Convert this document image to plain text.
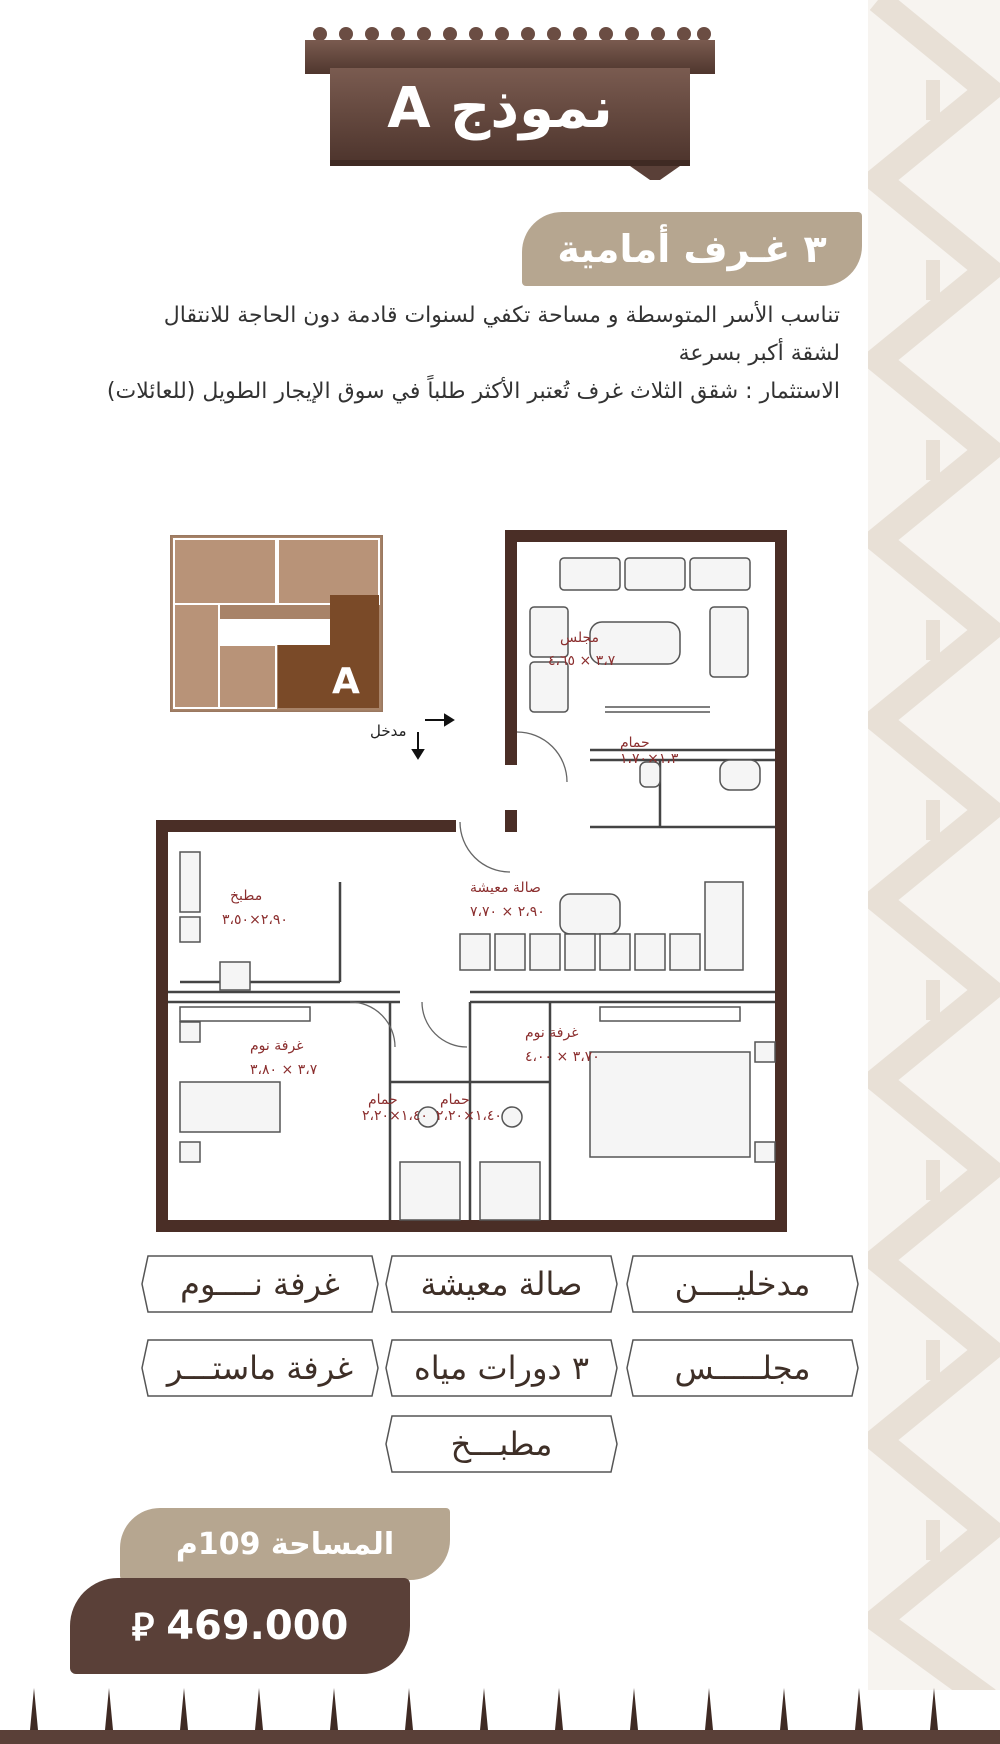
نموذج A
٣ غـرف أمامية
تناسب الأسر المتوسطة و مساحة تكفي لسنوات قادمة دون الحاجة للانتقال
لشقة أكبر بسرعة
الاستثمار : شقق الثلاث غرف تُعتبر الأكثر طلباً في سوق الإيجار الطويل (للعائلات)
A
مجلس
٣،٧ × ٤،٦٥
حمام
١،٣×١،٧٠
مدخل
مطبخ
٢،٩٠×٣،٥٠
صالة معيشة
٢،٩٠ × ٧،٧٠
غرفة نوم
٣،٧ × ٣،٨٠
غرفة نوم
٣،٧٠ × ٤،٠٠
حمام
١،٤٠×٢،٢٠
حمام
١،٤٠×٢،٢٠
مدخليــــن
صالة معيشة
غرفة نــــوم
مجلـــــس
٣ دورات مياه
غرفة ماستـــر
مطبـــخ
المساحة 109م
⃁ 469.000
